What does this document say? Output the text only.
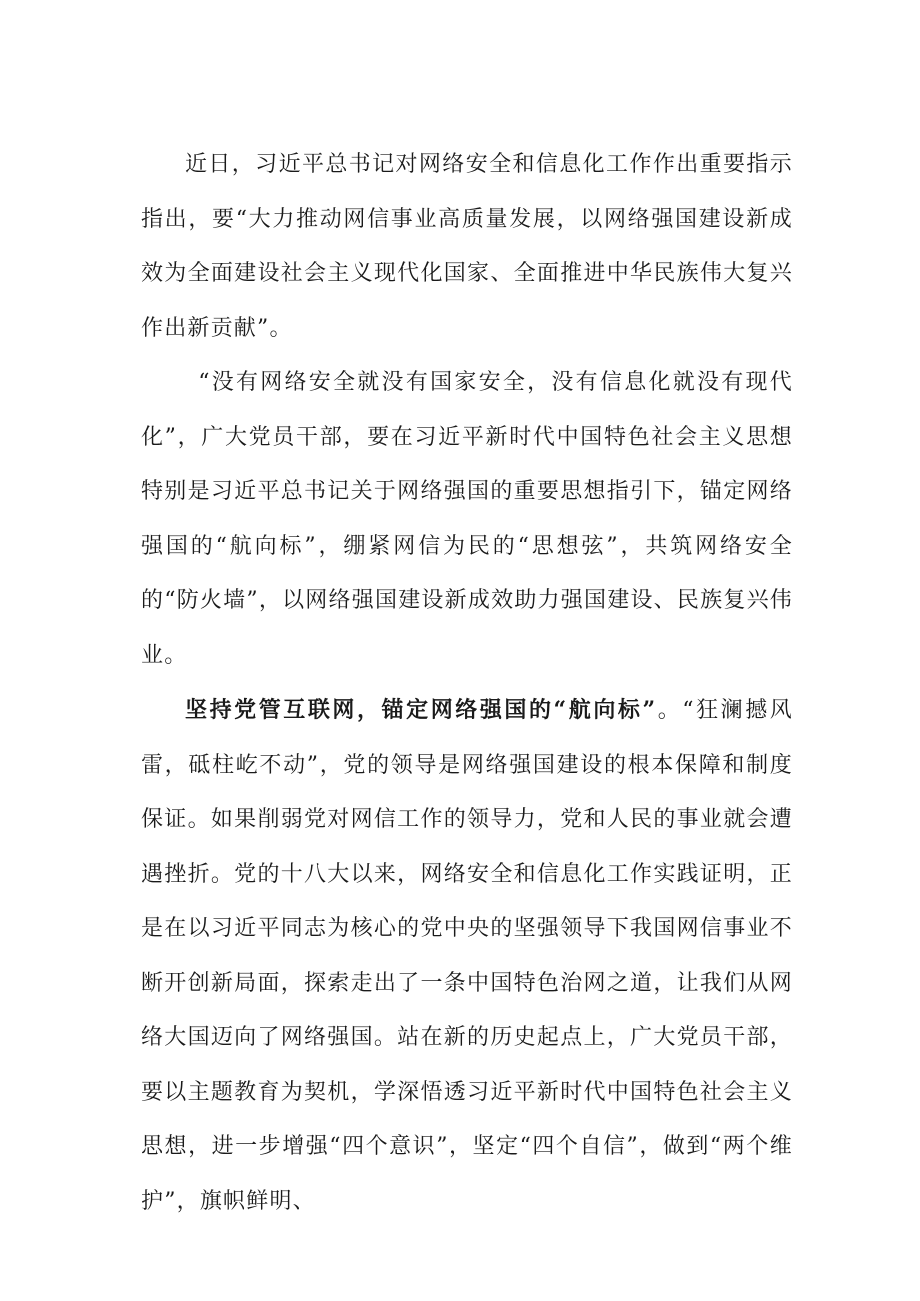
近日，习近平总书记对网络安全和信息化工作作出重要指示指出，要“大力推动网信事业高质量发展，以网络强国建设新成效为全面建设社会主义现代化国家、全面推进中华民族伟大复兴作出新贡献”。

“没有网络安全就没有国家安全，没有信息化就没有现代化”，广大党员干部，要在习近平新时代中国特色社会主义思想特别是习近平总书记关于网络强国的重要思想指引下，锚定网络强国的“航向标”，绷紧网信为民的“思想弦”，共筑网络安全的“防火墙”，以网络强国建设新成效助力强国建设、民族复兴伟业。

坚持党管互联网，锚定网络强国的“航向标”。“狂澜撼风雷，砥柱屹不动”，党的领导是网络强国建设的根本保障和制度保证。如果削弱党对网信工作的领导力，党和人民的事业就会遭遇挫折。党的十八大以来，网络安全和信息化工作实践证明，正是在以习近平同志为核心的党中央的坚强领导下我国网信事业不断开创新局面，探索走出了一条中国特色治网之道，让我们从网络大国迈向了网络强国。站在新的历史起点上，广大党员干部，要以主题教育为契机，学深悟透习近平新时代中国特色社会主义思想，进一步增强“四个意识”，坚定“四个自信”，做到“两个维护”，旗帜鲜明、
